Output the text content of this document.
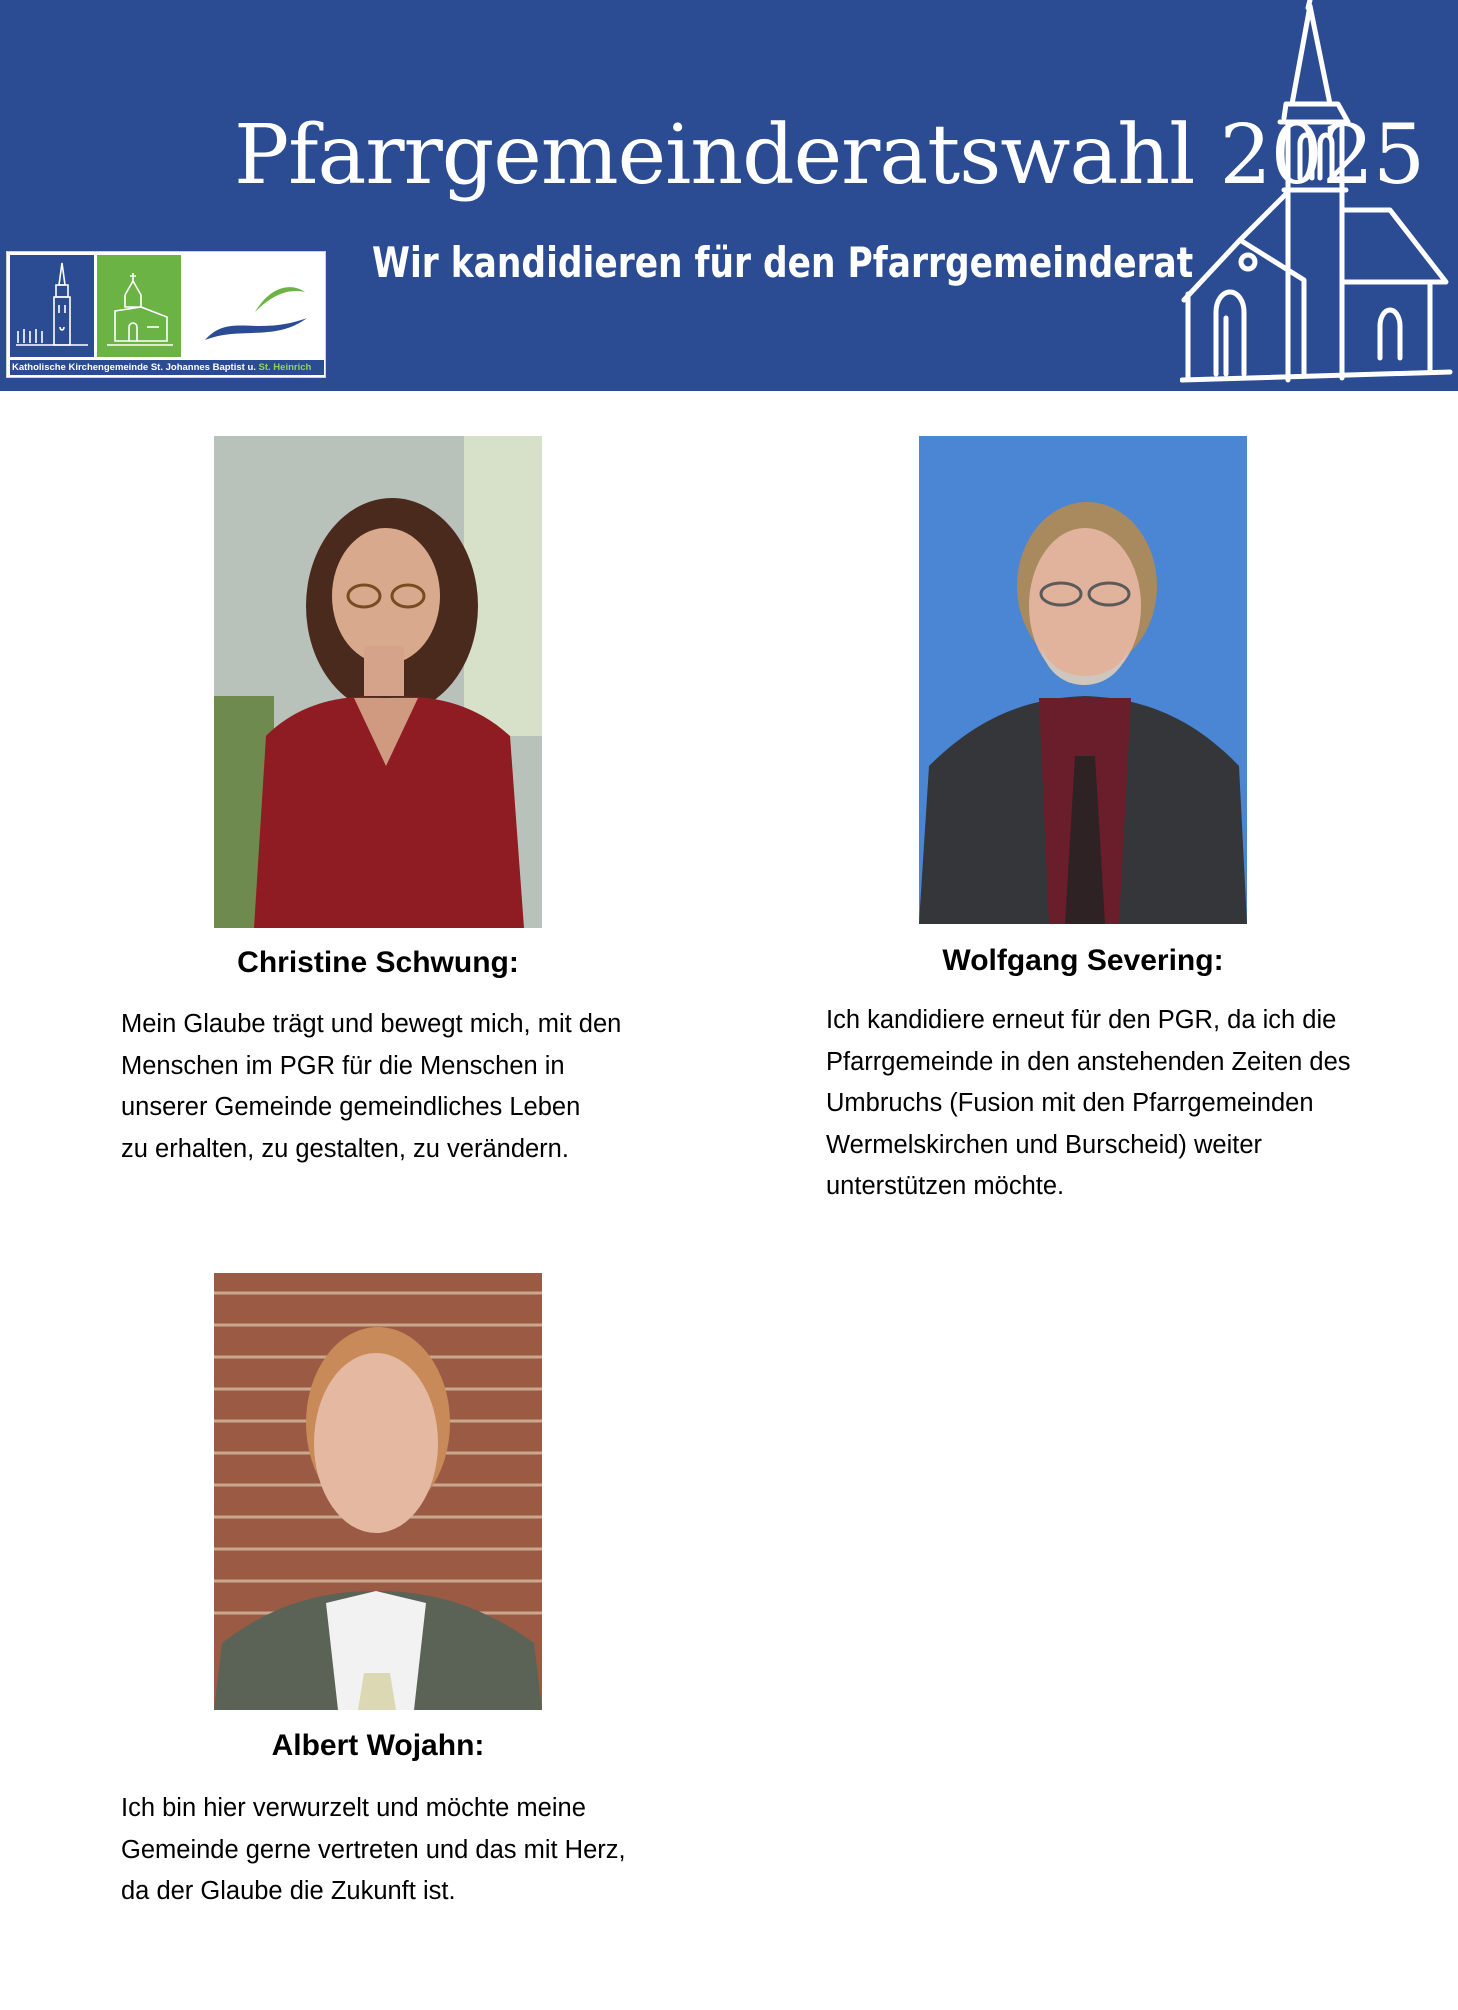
Pfarrgemeinderatswahl 2025
Wir kandidieren für den Pfarrgemeinderat
Katholische Kirchengemeinde St. Johannes Baptist u. St. Heinrich
Christine Schwung:
Mein Glaube trägt und bewegt mich, mit den
Menschen im PGR für die Menschen in
unserer Gemeinde gemeindliches Leben
zu erhalten, zu gestalten, zu verändern.
Wolfgang Severing:
Ich kandidiere erneut für den PGR, da ich die
Pfarrgemeinde in den anstehenden Zeiten des
Umbruchs (Fusion mit den Pfarrgemeinden
Wermelskirchen und Burscheid) weiter
unterstützen möchte.
Albert Wojahn:
Ich bin hier verwurzelt und möchte meine
Gemeinde gerne vertreten und das mit Herz,
da der Glaube die Zukunft ist.
